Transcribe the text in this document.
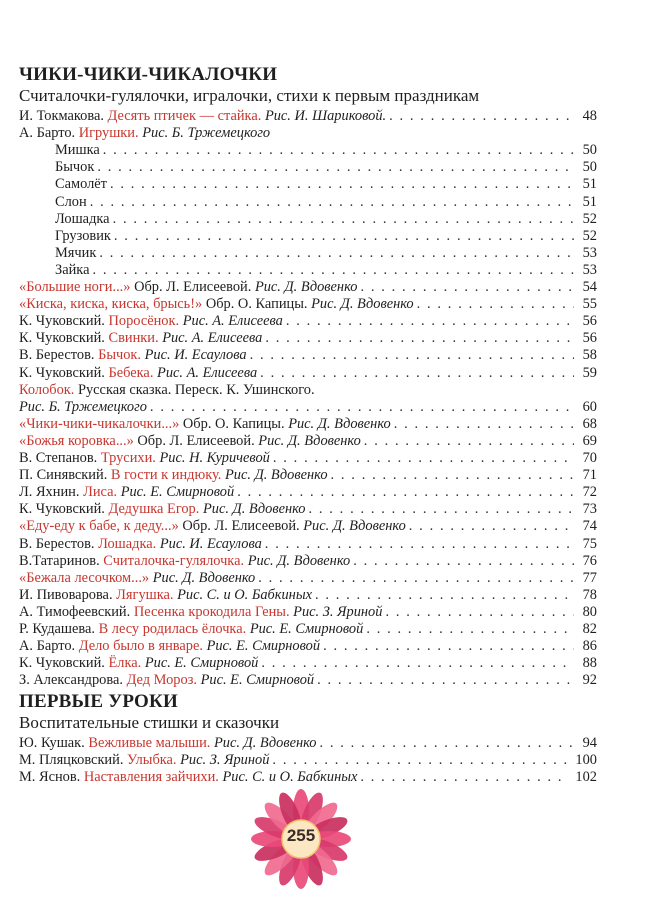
ЧИКИ-ЧИКИ-ЧИКАЛОЧКИ
Считалочки-гулялочки, игралочки, стихи к первым праздникам
И. Токмакова. Десять птичек — стайка. Рис. И. Шариковой. . . .	48
А. Барто. Игрушки. Рис. Б. Тржемецкого
Мишка . . .	50
Бычок . . .	50
Самолёт . . .	51
Слон . . .	51
Лошадка . . .	52
Грузовик . . .	52
Мячик . . .	53
Зайка . . .	53
«Большие ноги...» Обр. Л. Елисеевой. Рис. Д. Вдовенко . . .	54
«Киска, киска, киска, брысь!» Обр. О. Капицы. Рис. Д. Вдовенко . . .	55
К. Чуковский. Поросёнок. Рис. А. Елисеева . . .	56
К. Чуковский. Свинки. Рис. А. Елисеева . . .	56
В. Берестов. Бычок. Рис. И. Есаулова . . .	58
К. Чуковский. Бебека. Рис. А. Елисеева . . .	59
Колобок. Русская сказка. Переск. К. Ушинского.
Рис. Б. Тржемецкого . . .	60
«Чики-чики-чикалочки...» Обр. О. Капицы. Рис. Д. Вдовенко . . .	68
«Божья коровка...» Обр. Л. Елисеевой. Рис. Д. Вдовенко . . .	69
В. Степанов. Трусихи. Рис. Н. Куричевой . . .	70
П. Синявский. В гости к индюку. Рис. Д. Вдовенко . . .	71
Л. Яхнин. Лиса. Рис. Е. Смирновой . . .	72
К. Чуковский. Дедушка Егор. Рис. Д. Вдовенко . . .	73
«Еду-еду к бабе, к деду...» Обр. Л. Елисеевой. Рис. Д. Вдовенко . . .	74
В. Берестов. Лошадка. Рис. И. Есаулова . . .	75
В.Татаринов. Считалочка-гулялочка. Рис. Д. Вдовенко . . .	76
«Бежала лесочком...» Рис. Д. Вдовенко . . .	77
И. Пивоварова. Лягушка. Рис. С. и О. Бабкиных . . .	78
А. Тимофеевский. Песенка крокодила Гены. Рис. З. Яриной . . .	80
Р. Кудашева. В лесу родилась ёлочка. Рис. Е. Смирновой . . .	82
А. Барто. Дело было в январе. Рис. Е. Смирновой . . .	86
К. Чуковский. Ёлка. Рис. Е. Смирновой . . .	88
З. Александрова. Дед Мороз. Рис. Е. Смирновой . . .	92
ПЕРВЫЕ УРОКИ
Воспитательные стишки и сказочки
Ю. Кушак. Вежливые малыши. Рис. Д. Вдовенко . . .	94
М. Пляцковский. Улыбка. Рис. З. Яриной . . .	100
М. Яснов. Наставления зайчихи. Рис. С. и О. Бабкиных . . .	102
255
